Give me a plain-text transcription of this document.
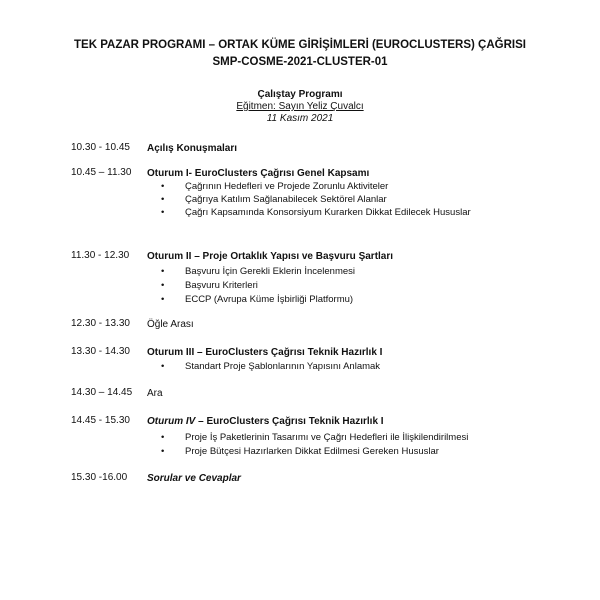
TEK PAZAR PROGRAMI – ORTAK KÜME GİRİŞİMLERİ (EUROCLUSTERS) ÇAĞRISI
SMP-COSME-2021-CLUSTER-01
Çalıştay Programı
Eğitmen: Sayın Yeliz Çuvalcı
11 Kasım 2021
10.30 - 10.45 Açılış Konuşmaları
10.45 – 11.30 Oturum I- EuroClusters Çağrısı Genel Kapsamı
• Çağrının Hedefleri ve Projede Zorunlu Aktiviteler
• Çağrıya Katılım Sağlanabilecek Sektörel Alanlar
• Çağrı Kapsamında Konsorsiyum Kurarken Dikkat Edilecek Hususlar
11.30 - 12.30 Oturum II – Proje Ortaklık Yapısı ve Başvuru Şartları
• Başvuru İçin Gerekli Eklerin İncelenmesi
• Başvuru Kriterleri
• ECCP (Avrupa Küme İşbirliği Platformu)
12.30 - 13.30 Öğle Arası
13.30 - 14.30 Oturum III – EuroClusters Çağrısı Teknik Hazırlık I
• Standart Proje Şablonlarının Yapısını Anlamak
14.30 – 14.45 Ara
14.45 - 15.30 Oturum IV – EuroClusters Çağrısı Teknik Hazırlık I
• Proje İş Paketlerinin Tasarımı ve Çağrı Hedefleri ile İlişkilendirilmesi
• Proje Bütçesi Hazırlarken Dikkat Edilmesi Gereken Hususlar
15.30 -16.00 Sorular ve Cevaplar
